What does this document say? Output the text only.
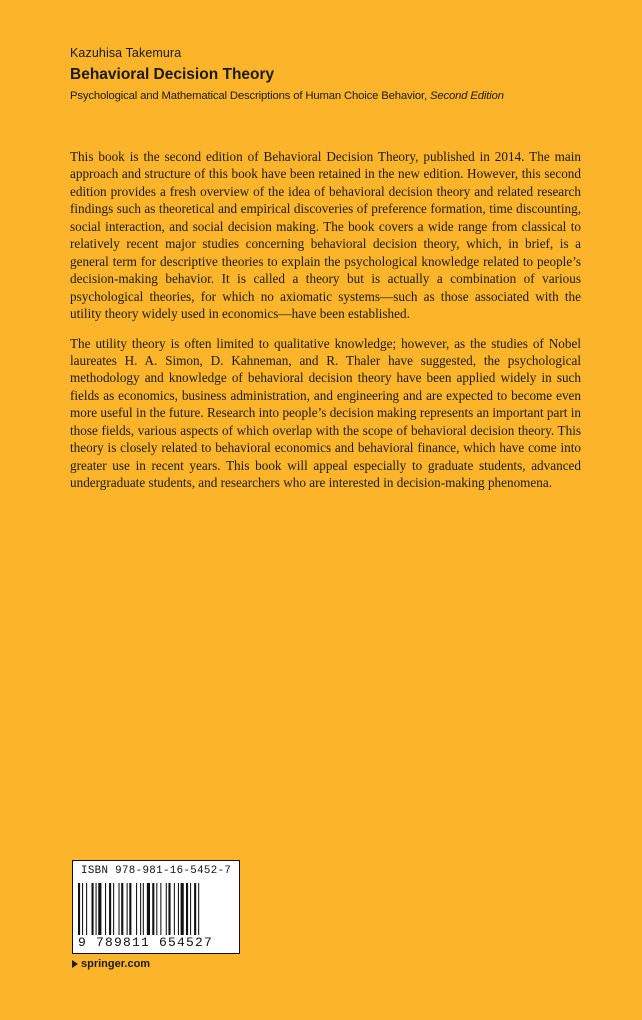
Kazuhisa Takemura
Behavioral Decision Theory
Psychological and Mathematical Descriptions of Human Choice Behavior, Second Edition

This book is the second edition of Behavioral Decision Theory, published in 2014. The main approach and structure of this book have been retained in the new edition. However, this second edition provides a fresh overview of the idea of behavioral decision theory and related research findings such as theoretical and empirical discoveries of preference formation, time discounting, social interaction, and social decision making. The book covers a wide range from classical to relatively recent major studies concerning behavioral decision theory, which, in brief, is a general term for descriptive theories to explain the psychological knowledge related to people’s decision-making behavior. It is called a theory but is actually a combination of various psychological theories, for which no axiomatic systems—such as those associated with the utility theory widely used in economics—have been established.

The utility theory is often limited to qualitative knowledge; however, as the studies of Nobel laureates H. A. Simon, D. Kahneman, and R. Thaler have suggested, the psychological methodology and knowledge of behavioral decision theory have been applied widely in such fields as economics, business administration, and engineering and are expected to become even more useful in the future. Research into people’s decision making represents an important part in those fields, various aspects of which overlap with the scope of behavioral decision theory. This theory is closely related to behavioral economics and behavioral finance, which have come into greater use in recent years. This book will appeal especially to graduate students, advanced undergraduate students, and researchers who are interested in decision-making phenomena.

ISBN 978-981-16-5452-7
9 789811 654527
springer.com
